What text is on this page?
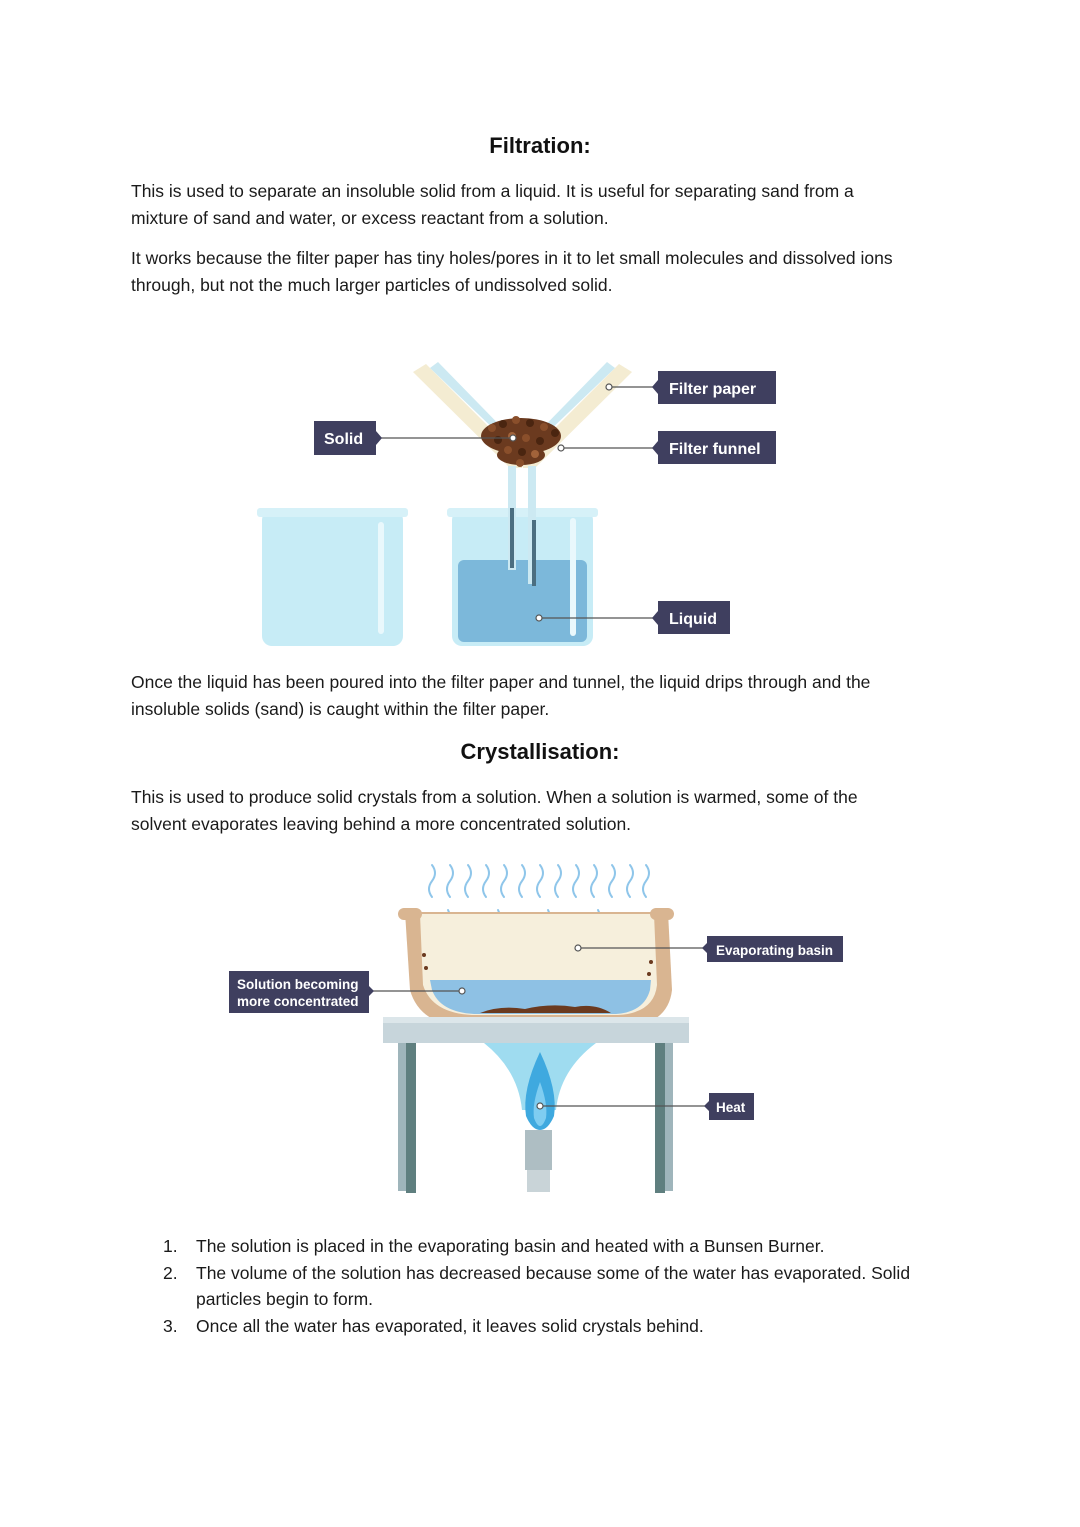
Filtration:

This is used to separate an insoluble solid from a liquid. It is useful for separating sand from a
mixture of sand and water, or excess reactant from a solution.

It works because the filter paper has tiny holes/pores in it to let small molecules and dissolved ions
through, but not the much larger particles of undissolved solid.

Solid
Filter paper
Filter funnel
Liquid
Evaporating basin
Solution becoming
more concentrated
Heat

Once the liquid has been poured into the filter paper and tunnel, the liquid drips through and the
insoluble solids (sand) is caught within the filter paper.

Crystallisation:

This is used to produce solid crystals from a solution. When a solution is warmed, some of the
solvent evaporates leaving behind a more concentrated solution.

1. The solution is placed in the evaporating basin and heated with a Bunsen Burner.
2. The volume of the solution has decreased because some of the water has evaporated. Solid
particles begin to form.
3. Once all the water has evaporated, it leaves solid crystals behind.
